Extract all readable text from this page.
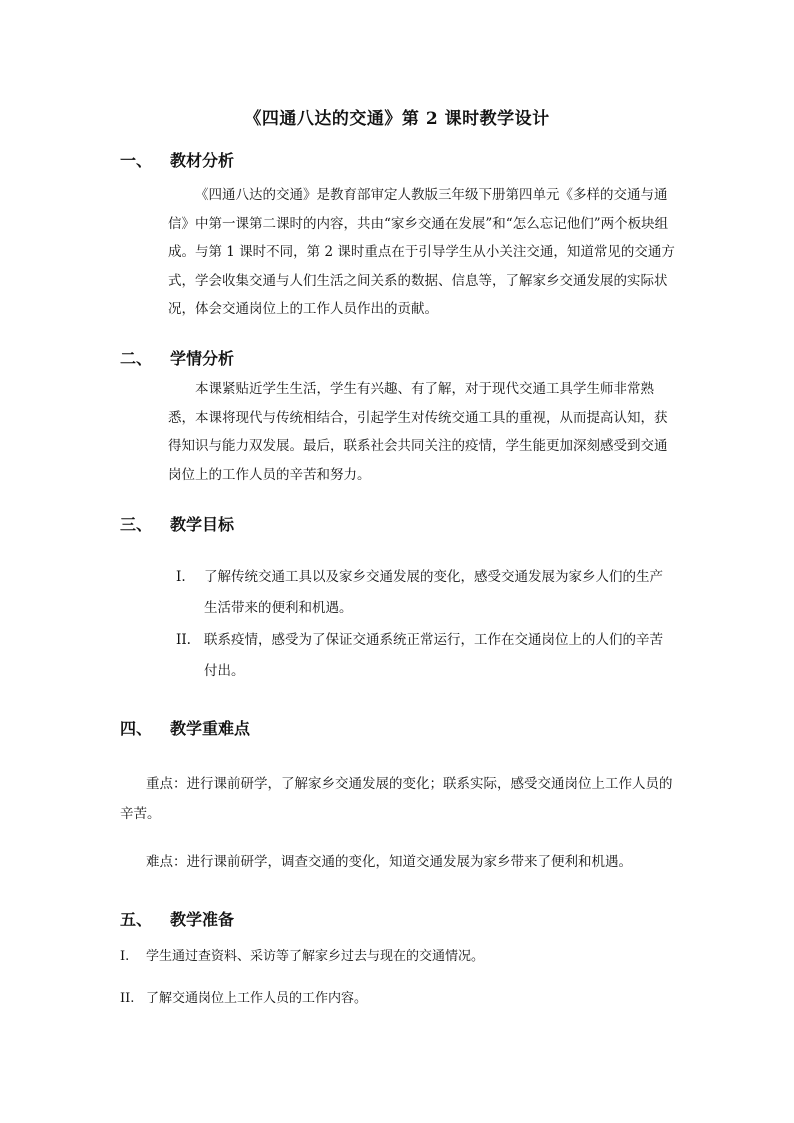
《四通八达的交通》第 2 课时教学设计
一、 教材分析
《四通八达的交通》是教育部审定人教版三年级下册第四单元《多样的交通与通信》中第一课第二课时的内容，共由“家乡交通在发展”和“怎么忘记他们”两个板块组成。与第 1 课时不同，第 2 课时重点在于引导学生从小关注交通，知道常见的交通方式，学会收集交通与人们生活之间关系的数据、信息等，了解家乡交通发展的实际状况，体会交通岗位上的工作人员作出的贡献。
二、 学情分析
本课紧贴近学生生活，学生有兴趣、有了解，对于现代交通工具学生师非常熟悉，本课将现代与传统相结合，引起学生对传统交通工具的重视，从而提高认知，获得知识与能力双发展。最后，联系社会共同关注的疫情，学生能更加深刻感受到交通岗位上的工作人员的辛苦和努力。
三、 教学目标
I. 了解传统交通工具以及家乡交通发展的变化，感受交通发展为家乡人们的生产生活带来的便利和机遇。
II. 联系疫情，感受为了保证交通系统正常运行，工作在交通岗位上的人们的辛苦付出。
四、 教学重难点
重点：进行课前研学，了解家乡交通发展的变化；联系实际，感受交通岗位上工作人员的辛苦。
难点：进行课前研学，调查交通的变化，知道交通发展为家乡带来了便利和机遇。
五、 教学准备
I. 学生通过查资料、采访等了解家乡过去与现在的交通情况。
II. 了解交通岗位上工作人员的工作内容。
